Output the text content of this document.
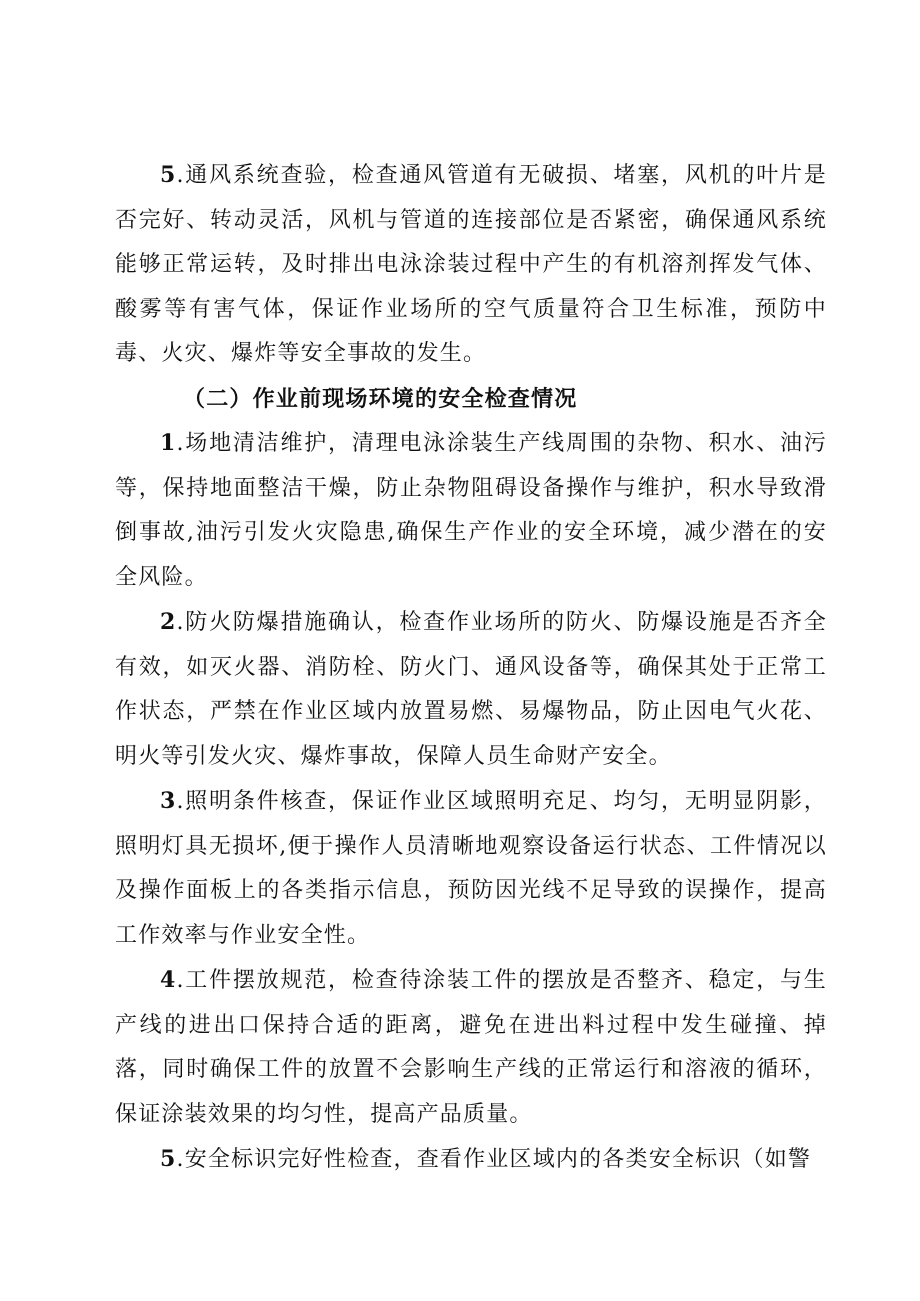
5.通风系统查验，检查通风管道有无破损、堵塞，风机的叶片是否完好、转动灵活，风机与管道的连接部位是否紧密，确保通风系统能够正常运转，及时排出电泳涂装过程中产生的有机溶剂挥发气体、酸雾等有害气体，保证作业场所的空气质量符合卫生标准，预防中毒、火灾、爆炸等安全事故的发生。

（二）作业前现场环境的安全检查情况

1.场地清洁维护，清理电泳涂装生产线周围的杂物、积水、油污等，保持地面整洁干燥，防止杂物阻碍设备操作与维护，积水导致滑倒事故,油污引发火灾隐患,确保生产作业的安全环境，减少潜在的安全风险。

2.防火防爆措施确认，检查作业场所的防火、防爆设施是否齐全有效，如灭火器、消防栓、防火门、通风设备等，确保其处于正常工作状态，严禁在作业区域内放置易燃、易爆物品，防止因电气火花、明火等引发火灾、爆炸事故，保障人员生命财产安全。

3.照明条件核查，保证作业区域照明充足、均匀，无明显阴影，照明灯具无损坏,便于操作人员清晰地观察设备运行状态、工件情况以及操作面板上的各类指示信息，预防因光线不足导致的误操作，提高工作效率与作业安全性。

4.工件摆放规范，检查待涂装工件的摆放是否整齐、稳定，与生产线的进出口保持合适的距离，避免在进出料过程中发生碰撞、掉落，同时确保工件的放置不会影响生产线的正常运行和溶液的循环，保证涂装效果的均匀性，提高产品质量。

5.安全标识完好性检查，查看作业区域内的各类安全标识（如警
